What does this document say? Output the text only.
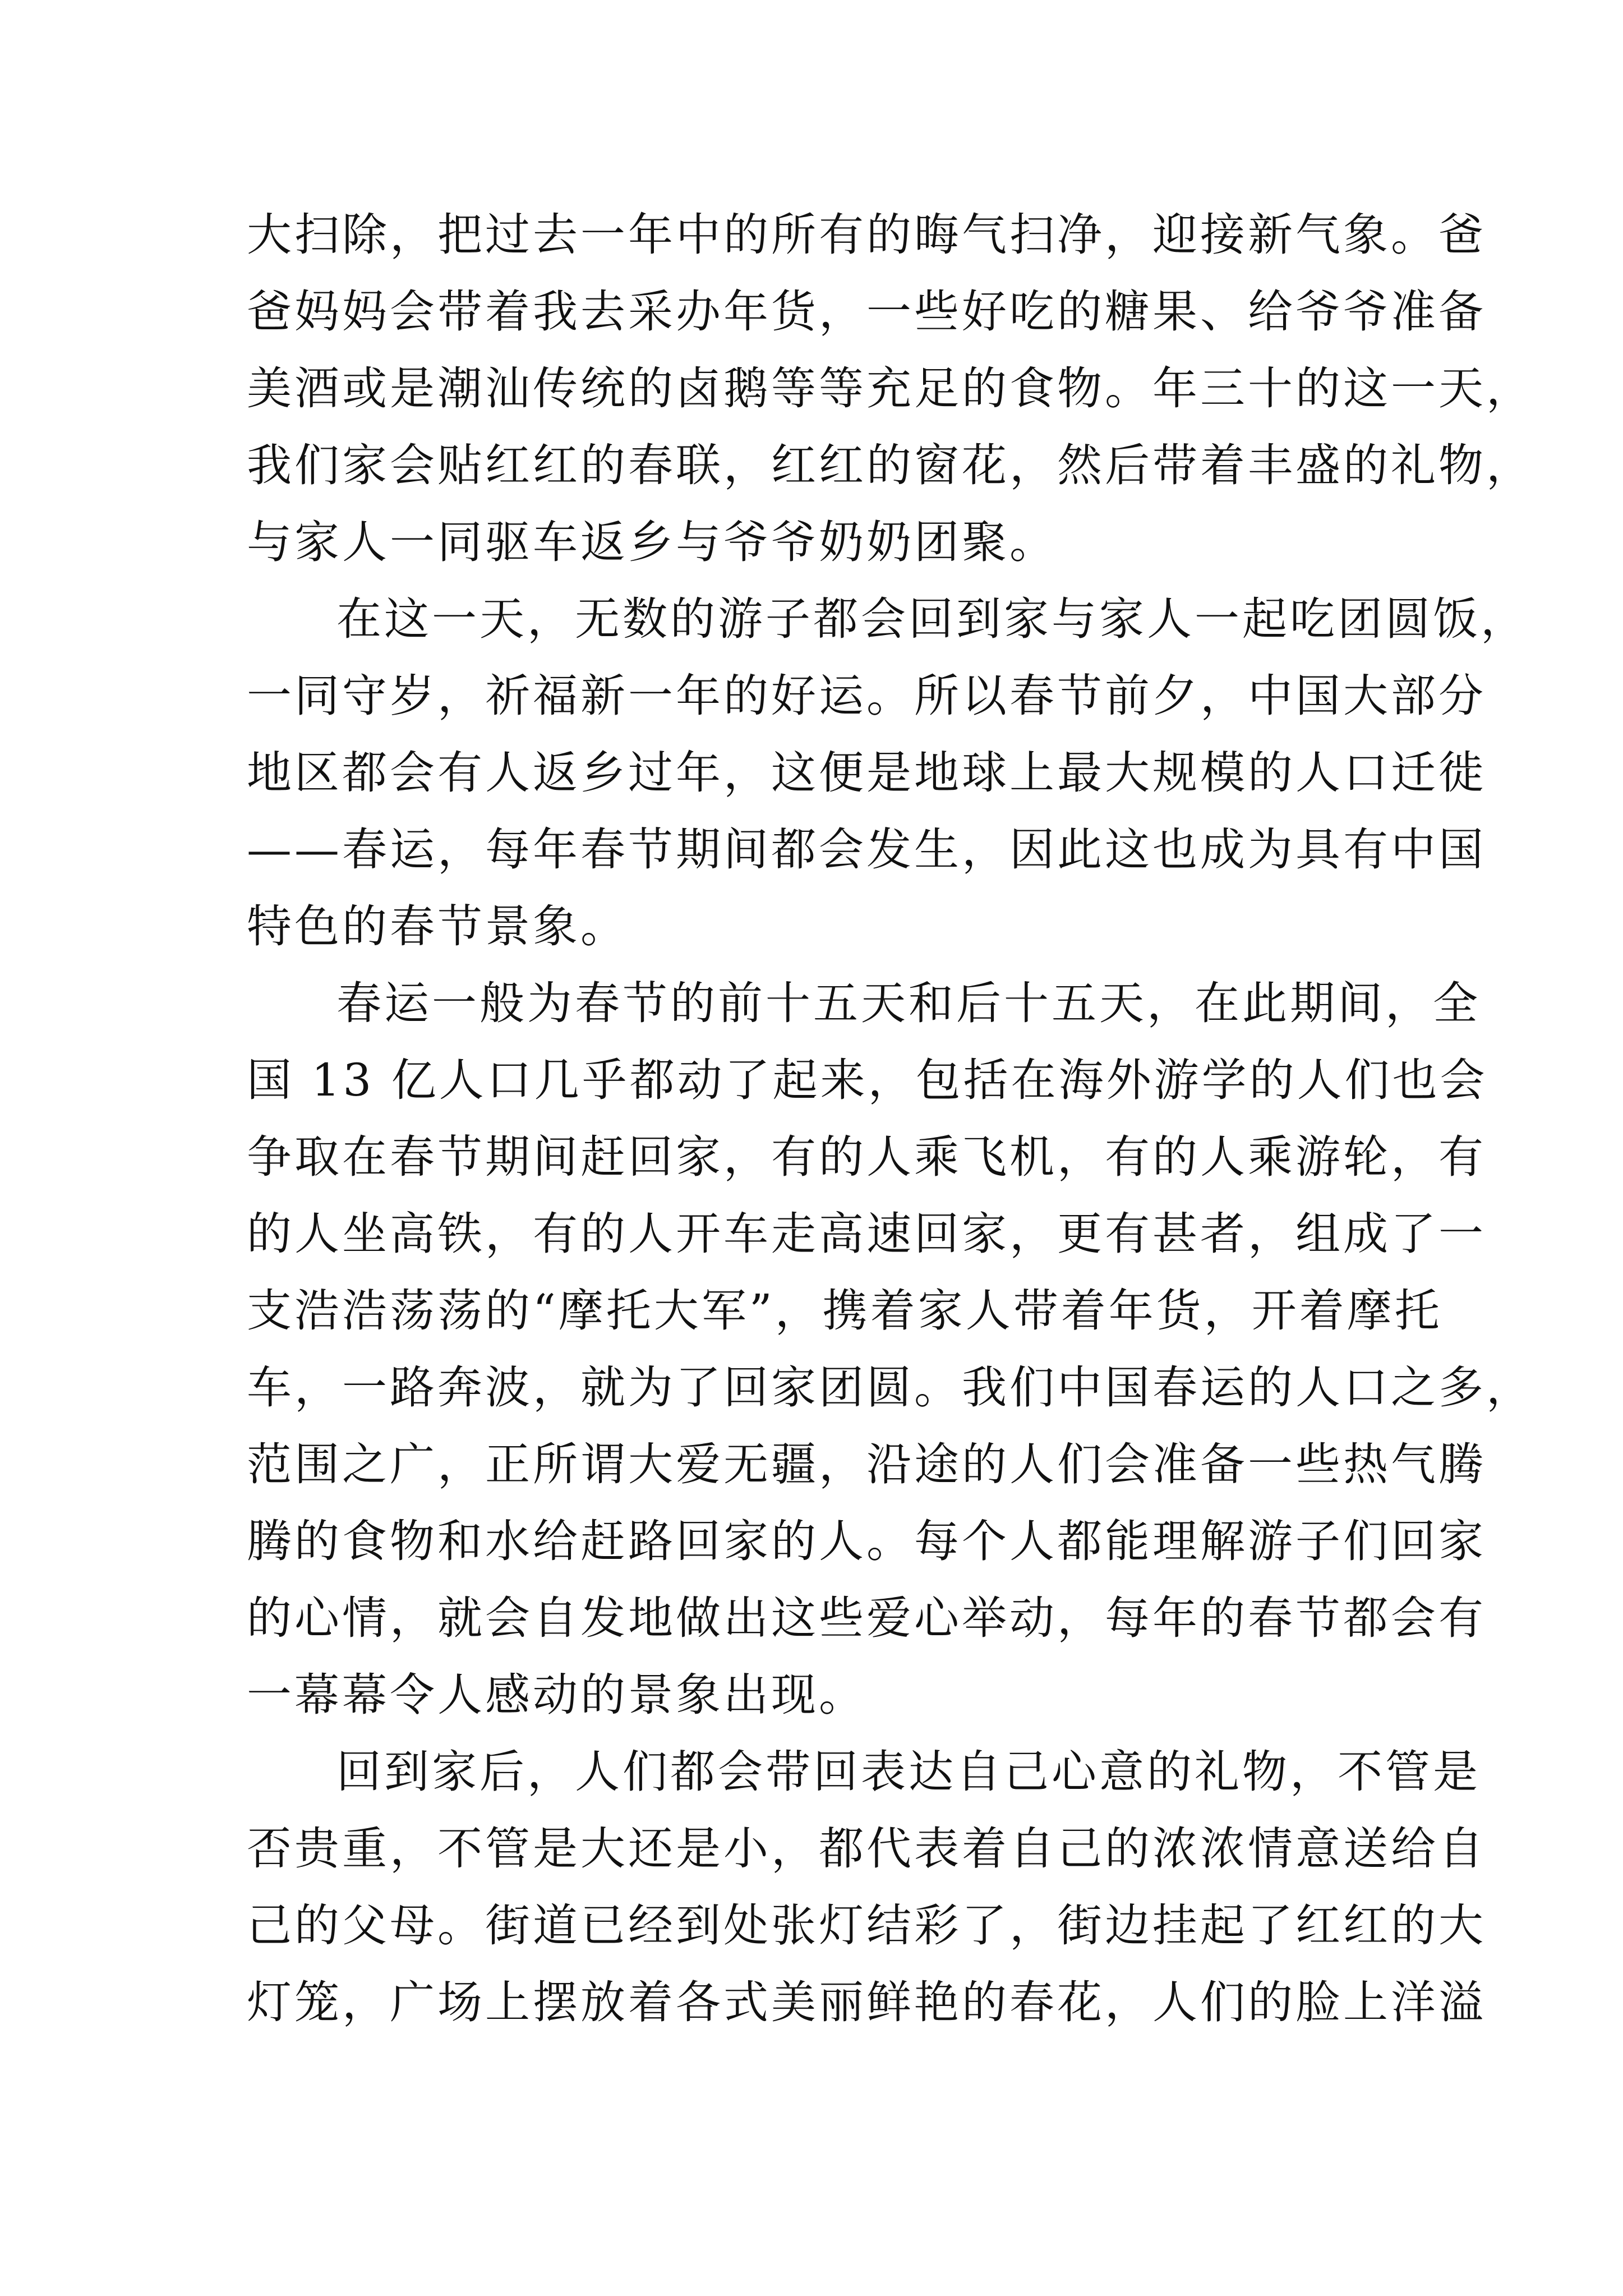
大扫除，把过去一年中的所有的晦气扫净，迎接新气象。爸
爸妈妈会带着我去采办年货，一些好吃的糖果、给爷爷准备
美酒或是潮汕传统的卤鹅等等充足的食物。年三十的这一天，
我们家会贴红红的春联，红红的窗花，然后带着丰盛的礼物，
与家人一同驱车返乡与爷爷奶奶团聚。
在这一天，无数的游子都会回到家与家人一起吃团圆饭，
一同守岁，祈福新一年的好运。所以春节前夕，中国大部分
地区都会有人返乡过年，这便是地球上最大规模的人口迁徙
——春运，每年春节期间都会发生，因此这也成为具有中国
特色的春节景象。
春运一般为春节的前十五天和后十五天，在此期间，全
国 13 亿人口几乎都动了起来，包括在海外游学的人们也会
争取在春节期间赶回家，有的人乘飞机，有的人乘游轮，有
的人坐高铁，有的人开车走高速回家，更有甚者，组成了一
支浩浩荡荡的“摩托大军”，携着家人带着年货，开着摩托
车，一路奔波，就为了回家团圆。我们中国春运的人口之多，
范围之广，正所谓大爱无疆，沿途的人们会准备一些热气腾
腾的食物和水给赶路回家的人。每个人都能理解游子们回家
的心情，就会自发地做出这些爱心举动，每年的春节都会有
一幕幕令人感动的景象出现。
回到家后，人们都会带回表达自己心意的礼物，不管是
否贵重，不管是大还是小，都代表着自己的浓浓情意送给自
己的父母。街道已经到处张灯结彩了，街边挂起了红红的大
灯笼，广场上摆放着各式美丽鲜艳的春花，人们的脸上洋溢
